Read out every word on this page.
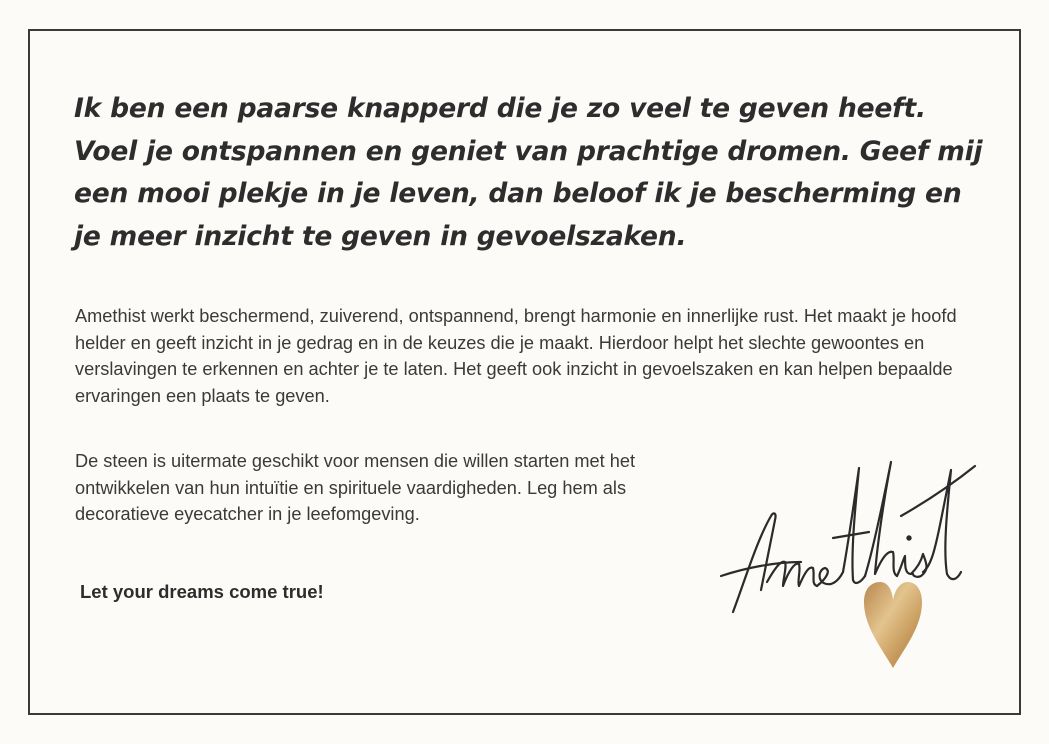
Ik ben een paarse knapperd die je zo veel te geven heeft. Voel je ontspannen en geniet van prachtige dromen. Geef mij een mooi plekje in je leven, dan beloof ik je bescherming en je meer inzicht te geven in gevoelszaken.

Amethist werkt beschermend, zuiverend, ontspannend, brengt harmonie en innerlijke rust. Het maakt je hoofd helder en geeft inzicht in je gedrag en in de keuzes die je maakt. Hierdoor helpt het slechte gewoontes en verslavingen te erkennen en achter je te laten. Het geeft ook inzicht in gevoelszaken en kan helpen bepaalde ervaringen een plaats te geven.

De steen is uitermate geschikt voor mensen die willen starten met het ontwikkelen van hun intuïtie en spirituele vaardigheden. Leg hem als decoratieve eyecatcher in je leefomgeving.

Let your dreams come true!
